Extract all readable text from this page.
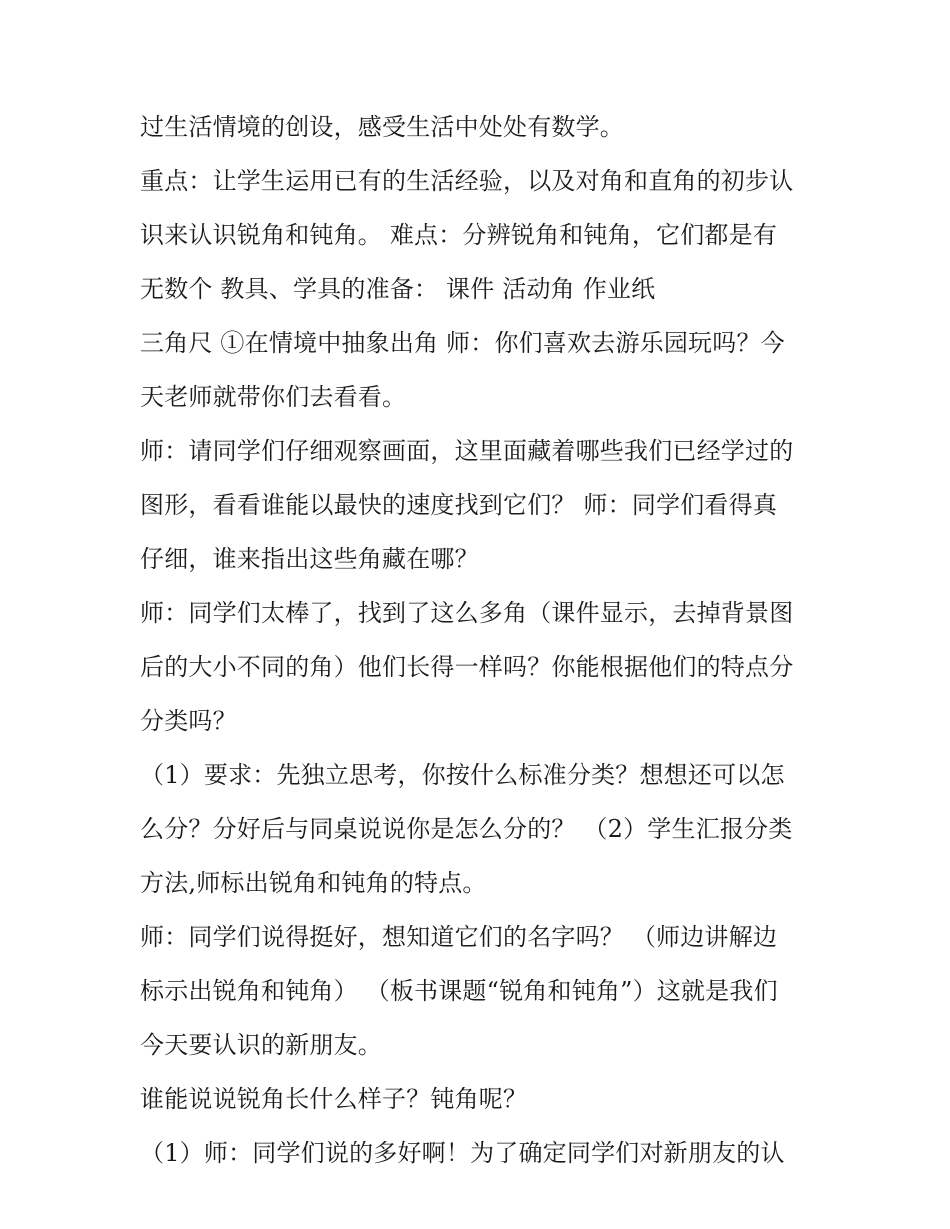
过生活情境的创设，感受生活中处处有数学。
重点：让学生运用已有的生活经验，以及对角和直角的初步认
识来认识锐角和钝角。 难点：分辨锐角和钝角，它们都是有
无数个 教具、学具的准备： 课件 活动角 作业纸
三角尺 ①在情境中抽象出角 师：你们喜欢去游乐园玩吗？今
天老师就带你们去看看。
师：请同学们仔细观察画面，这里面藏着哪些我们已经学过的
图形，看看谁能以最快的速度找到它们？ 师：同学们看得真
仔细，谁来指出这些角藏在哪？
师：同学们太棒了，找到了这么多角（课件显示，去掉背景图
后的大小不同的角）他们长得一样吗？你能根据他们的特点分
分类吗？
（1）要求：先独立思考，你按什么标准分类？想想还可以怎
么分？分好后与同桌说说你是怎么分的？ （2）学生汇报分类
方法,师标出锐角和钝角的特点。
师：同学们说得挺好，想知道它们的名字吗？ （师边讲解边
标示出锐角和钝角） （板书课题“锐角和钝角”）这就是我们
今天要认识的新朋友。
谁能说说锐角长什么样子？钝角呢？
（1）师：同学们说的多好啊！为了确定同学们对新朋友的认
